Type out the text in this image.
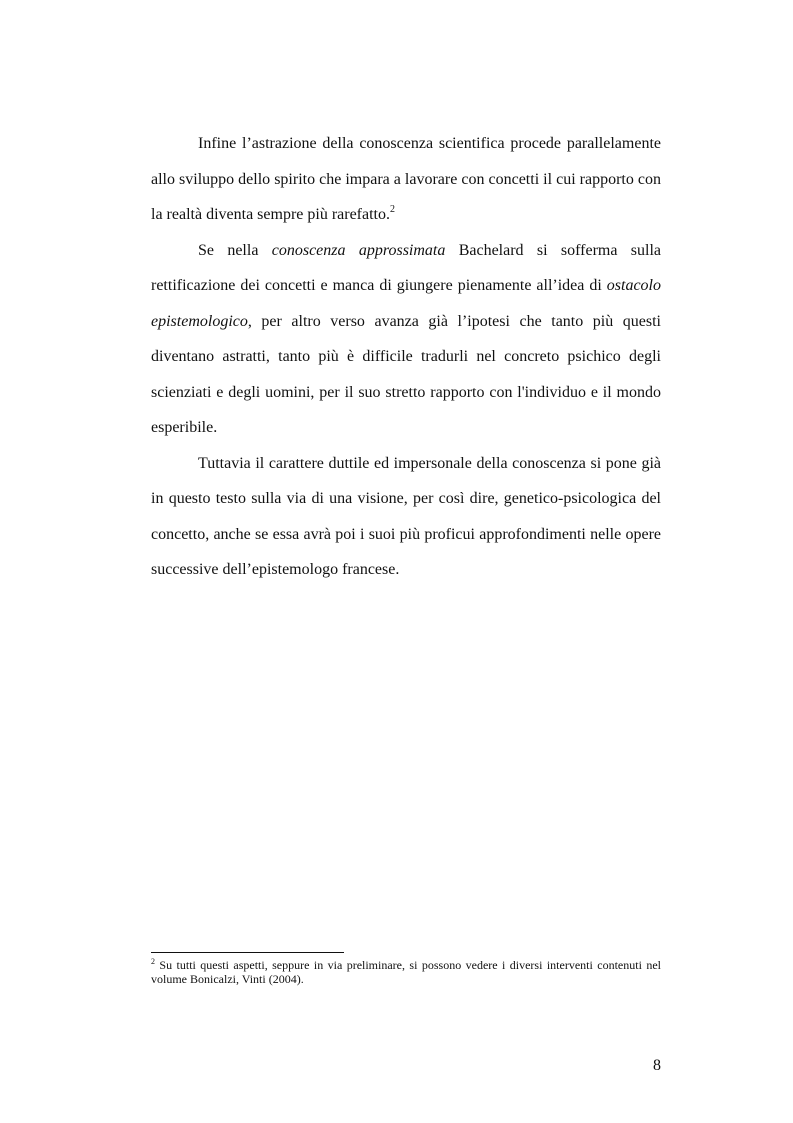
Infine l’astrazione della conoscenza scientifica procede parallelamente allo sviluppo dello spirito che impara a lavorare con concetti il cui rapporto con la realtà diventa sempre più rarefatto.$^2$

Se nella conoscenza approssimata Bachelard si sofferma sulla rettificazione dei concetti e manca di giungere pienamente all’idea di ostacolo epistemologico, per altro verso avanza già l’ipotesi che tanto più questi diventano astratti, tanto più è difficile tradurli nel concreto psichico degli scienziati e degli uomini, per il suo stretto rapporto con l'individuo e il mondo esperibile.

Tuttavia il carattere duttile ed impersonale della conoscenza si pone già in questo testo sulla via di una visione, per così dire, genetico-psicologica del concetto, anche se essa avrà poi i suoi più proficui approfondimenti nelle opere successive dell’epistemologo francese.

$^2$ Su tutti questi aspetti, seppure in via preliminare, si possono vedere i diversi interventi contenuti nel volume Bonicalzi, Vinti (2004).

8
